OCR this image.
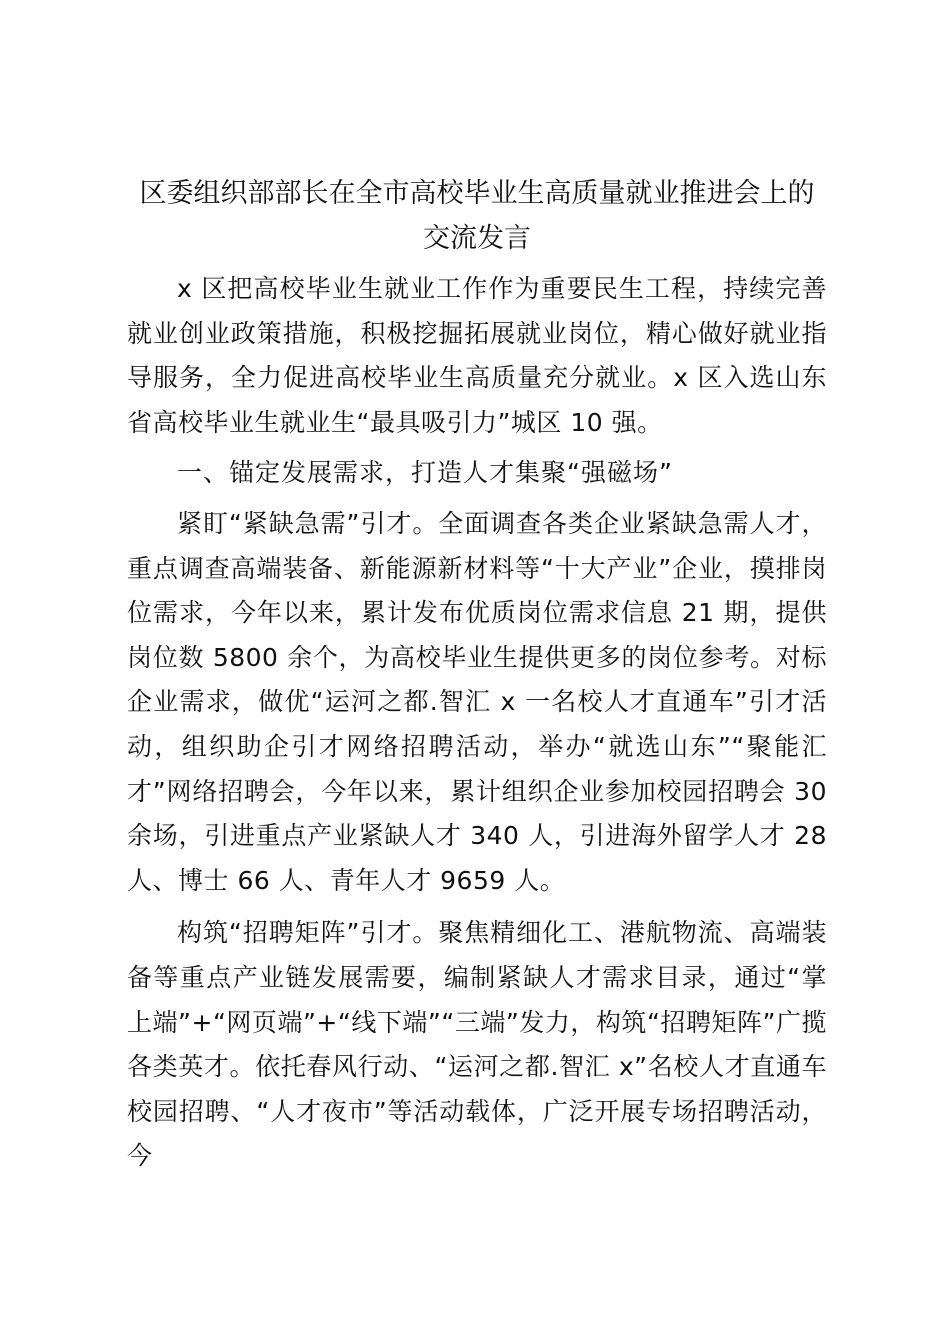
区委组织部部长在全市高校毕业生高质量就业推进会上的交流发言

x 区把高校毕业生就业工作作为重要民生工程，持续完善就业创业政策措施，积极挖掘拓展就业岗位，精心做好就业指导服务，全力促进高校毕业生高质量充分就业。x 区入选山东省高校毕业生就业生“最具吸引力”城区 10 强。

一、锚定发展需求，打造人才集聚“强磁场”

紧盯“紧缺急需”引才。全面调查各类企业紧缺急需人才，重点调查高端装备、新能源新材料等“十大产业”企业，摸排岗位需求，今年以来，累计发布优质岗位需求信息 21 期，提供岗位数 5800 余个，为高校毕业生提供更多的岗位参考。对标企业需求，做优“运河之都.智汇 x 一名校人才直通车”引才活动，组织助企引才网络招聘活动，举办“就选山东”“聚能汇才”网络招聘会，今年以来，累计组织企业参加校园招聘会 30 余场，引进重点产业紧缺人才 340 人，引进海外留学人才 28 人、博士 66 人、青年人才 9659 人。

构筑“招聘矩阵”引才。聚焦精细化工、港航物流、高端装备等重点产业链发展需要，编制紧缺人才需求目录，通过“掌上端”+“网页端”+“线下端”“三端”发力，构筑“招聘矩阵”广揽各类英才。依托春风行动、“运河之都.智汇 x”名校人才直通车校园招聘、“人才夜市”等活动载体，广泛开展专场招聘活动，今
